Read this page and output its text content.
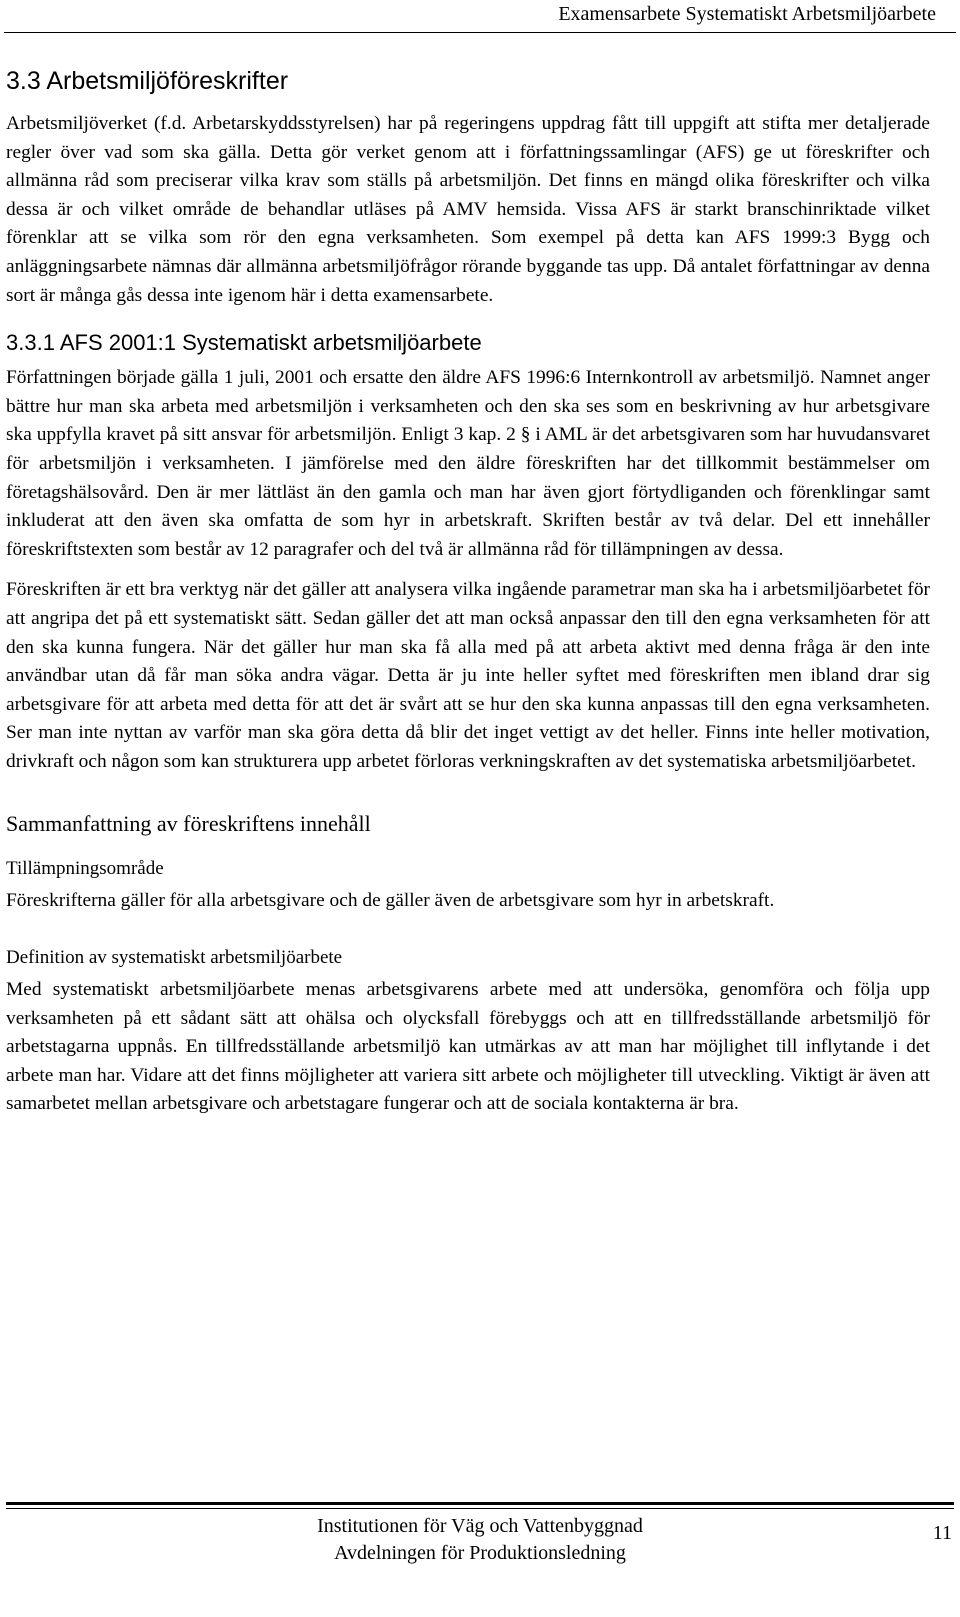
Examensarbete Systematiskt Arbetsmiljöarbete
3.3 Arbetsmiljöföreskrifter

Arbetsmiljöverket (f.d. Arbetarskyddsstyrelsen) har på regeringens uppdrag fått till uppgift att stifta mer detaljerade regler över vad som ska gälla. Detta gör verket genom att i författningssamlingar (AFS) ge ut föreskrifter och allmänna råd som preciserar vilka krav som ställs på arbetsmiljön. Det finns en mängd olika föreskrifter och vilka dessa är och vilket område de behandlar utläses på AMV hemsida. Vissa AFS är starkt branschinriktade vilket förenklar att se vilka som rör den egna verksamheten. Som exempel på detta kan AFS 1999:3 Bygg och anläggningsarbete nämnas där allmänna arbetsmiljöfrågor rörande byggande tas upp. Då antalet författningar av denna sort är många gås dessa inte igenom här i detta examensarbete.

3.3.1 AFS 2001:1 Systematiskt arbetsmiljöarbete

Författningen började gälla 1 juli, 2001 och ersatte den äldre AFS 1996:6 Internkontroll av arbetsmiljö. Namnet anger bättre hur man ska arbeta med arbetsmiljön i verksamheten och den ska ses som en beskrivning av hur arbetsgivare ska uppfylla kravet på sitt ansvar för arbetsmiljön. Enligt 3 kap. 2 § i AML är det arbetsgivaren som har huvudansvaret för arbetsmiljön i verksamheten. I jämförelse med den äldre föreskriften har det tillkommit bestämmelser om företagshälsovård. Den är mer lättläst än den gamla och man har även gjort förtydliganden och förenklingar samt inkluderat att den även ska omfatta de som hyr in arbetskraft. Skriften består av två delar. Del ett innehåller föreskriftstexten som består av 12 paragrafer och del två är allmänna råd för tillämpningen av dessa.

Föreskriften är ett bra verktyg när det gäller att analysera vilka ingående parametrar man ska ha i arbetsmiljöarbetet för att angripa det på ett systematiskt sätt. Sedan gäller det att man också anpassar den till den egna verksamheten för att den ska kunna fungera. När det gäller hur man ska få alla med på att arbeta aktivt med denna fråga är den inte användbar utan då får man söka andra vägar. Detta är ju inte heller syftet med föreskriften men ibland drar sig arbetsgivare för att arbeta med detta för att det är svårt att se hur den ska kunna anpassas till den egna verksamheten. Ser man inte nyttan av varför man ska göra detta då blir det inget vettigt av det heller. Finns inte heller motivation, drivkraft och någon som kan strukturera upp arbetet förloras verkningskraften av det systematiska arbetsmiljöarbetet.

Sammanfattning av föreskriftens innehåll
Tillämpningsområde

Föreskrifterna gäller för alla arbetsgivare och de gäller även de arbetsgivare som hyr in arbetskraft.

Definition av systematiskt arbetsmiljöarbete

Med systematiskt arbetsmiljöarbete menas arbetsgivarens arbete med att undersöka, genomföra och följa upp verksamheten på ett sådant sätt att ohälsa och olycksfall förebyggs och att en tillfredsställande arbetsmiljö för arbetstagarna uppnås. En tillfredsställande arbetsmiljö kan utmärkas av att man har möjlighet till inflytande i det arbete man har. Vidare att det finns möjligheter att variera sitt arbete och möjligheter till utveckling. Viktigt är även att samarbetet mellan arbetsgivare och arbetstagare fungerar och att de sociala kontakterna är bra.

Institutionen för Väg och Vattenbyggnad
Avdelningen för Produktionsledning
11
